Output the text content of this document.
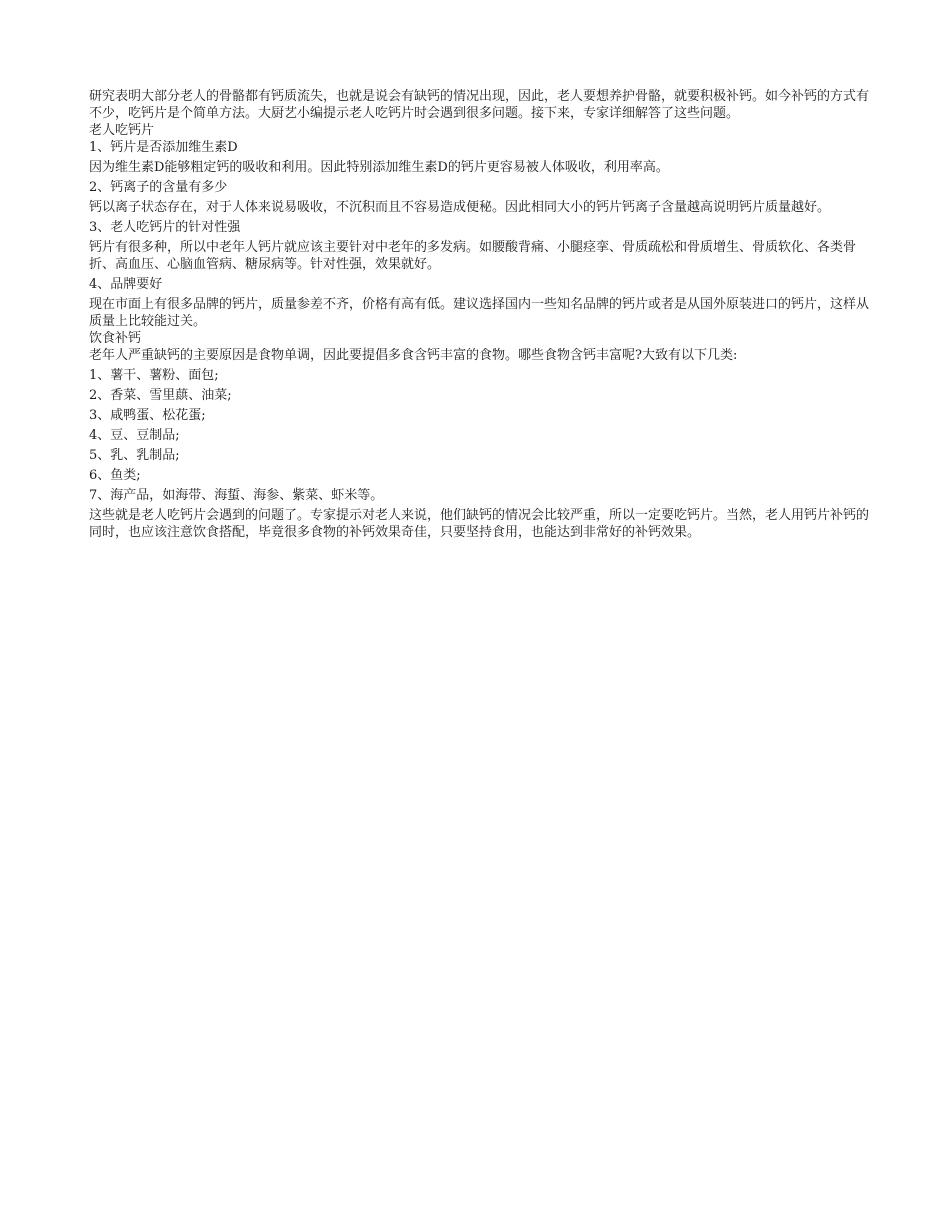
研究表明大部分老人的骨骼都有钙质流失，也就是说会有缺钙的情况出现，因此，老人要想养护骨骼，就要积极补钙。如今补钙的方式有不少，吃钙片是个简单方法。大厨艺小编提示老人吃钙片时会遇到很多问题。接下来，专家详细解答了这些问题。

老人吃钙片

1、钙片是否添加维生素D

因为维生素D能够粗定钙的吸收和利用。因此特别添加维生素D的钙片更容易被人体吸收，利用率高。

2、钙离子的含量有多少

钙以离子状态存在，对于人体来说易吸收，不沉积而且不容易造成便秘。因此相同大小的钙片钙离子含量越高说明钙片质量越好。

3、老人吃钙片的针对性强

钙片有很多种，所以中老年人钙片就应该主要针对中老年的多发病。如腰酸背痛、小腿痉挛、骨质疏松和骨质增生、骨质软化、各类骨折、高血压、心脑血管病、糖尿病等。针对性强，效果就好。

4、品牌要好

现在市面上有很多品牌的钙片，质量参差不齐，价格有高有低。建议选择国内一些知名品牌的钙片或者是从国外原装进口的钙片，这样从质量上比较能过关。

饮食补钙

老年人严重缺钙的主要原因是食物单调，因此要提倡多食含钙丰富的食物。哪些食物含钙丰富呢?大致有以下几类:

1、薯干、薯粉、面包;

2、香菜、雪里蕻、油菜;

3、咸鸭蛋、松花蛋;

4、豆、豆制品;

5、乳、乳制品;

6、鱼类;

7、海产品，如海带、海蜇、海参、紫菜、虾米等。

这些就是老人吃钙片会遇到的问题了。专家提示对老人来说，他们缺钙的情况会比较严重，所以一定要吃钙片。当然，老人用钙片补钙的同时，也应该注意饮食搭配，毕竟很多食物的补钙效果奇佳，只要坚持食用，也能达到非常好的补钙效果。
